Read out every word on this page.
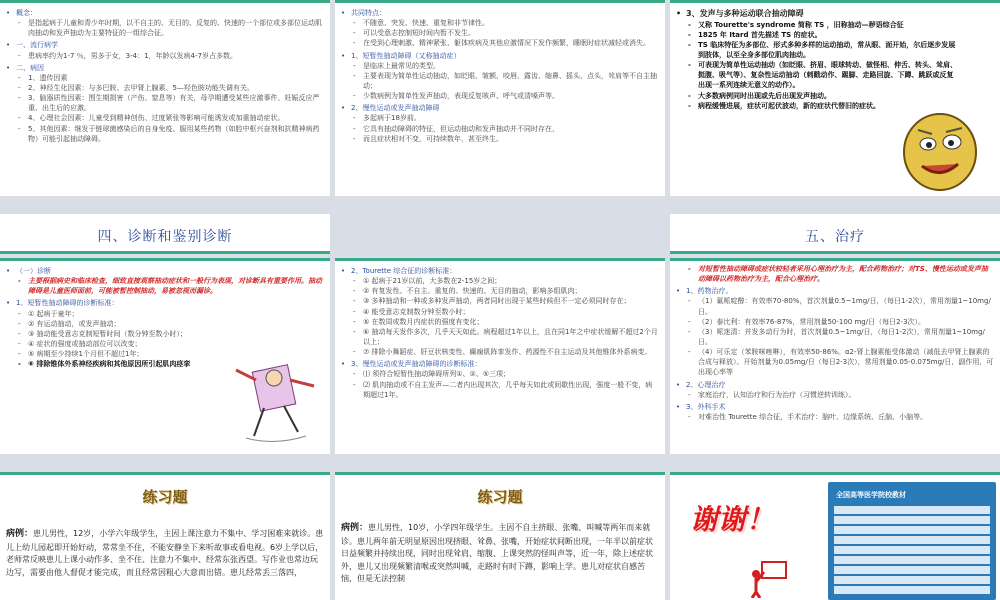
• 概念：
- 是指起病于儿童和青少年时期，以不自主的、无目的、反复的、快速的一个部位或多部位运动肌肉抽动和发声抽动为主要特征的一组综合征。
• 一、流行病学
- 患病率约为1-7 ％，男多于女，3-4：1，年龄以发病4-7岁占多数。
• 二、病因
- 1、遗传因素
- 2、神经生化因素：与多巴胺、去甲肾上腺素、5—羟色胺功能失调有关。
- 3、脑器质性因素：围生期损害（产伤、窒息等）有关，母孕期遭受某些应激事件、妊娠反应严重、出生后的应激。
- 4、心理社会因素：儿童受到精神创伤、过度紧张等影响可能诱发或加重抽动症状。
- 5、其他因素：继发于链球菌感染后的自身免疫、服用某些药物（如腔中枢兴奋剂和抗精神病药物）可能引起抽动障碍。
• 共同特点：
- 不随意、突发、快速、重复和非节律性。
- 可以受意志控制短时间内暂不发生。
- 在受到心理刺激、精神紧张、躯体疾病及其他应激情况下发作频繁，睡眠时症状减轻或消失。
• 1、短暂性抽动障碍（又称抽动症）
- 是临床上最常见的类型。
- 主要表现为简单性运动抽动，如眨眼、皱额、咬唇、露齿、缩鼻、摇头、点头，耸肩等不自主抽动；
- 少数病例为简单性发声抽动，表现反复咳声、呼气或清嗓声等。
• 2、慢性运动或发声抽动障碍
- 多起病于18岁前。
- 它具有抽动障碍的特征，但运动抽动和发声抽动并不同时存在，
- 而且症状相对不变，可持续数年，甚至终生。
• 3、发声与多种运动联合抽动障碍
- 又称 Tourette's syndrome 简称 TS ，旧称抽动—秽语综合征
- 1825 年 Itard 首先描述 TS 的症状。
- TS 临床特征为多部位、形式多种多样的运动抽动，常从眼、面开始，尔后逐步发展到肢体，以至全身多部位肌肉抽动。
- 可表现为简单性运动抽动（如眨眼、挤眉、眼球转动、做怪相、伸舌、转头、耸肩、挺腹、吸气等）、复杂性运动抽动（刺戳动作、踢脚、走路回旋、下蹲、跳跃或反复出现一系列连续无意义的动作）。
- 大多数病例同时出现或先后出现发声抽动。
- 病程缓慢进展，症状可起伏波动，新的症状代替旧的症状。
四、诊断和鉴别诊断	五、治疗
• （一）诊断
- 主要根据病史和临床检查，细致直接观察抽动症状和一般行为表现，对诊断具有重要作用。抽动障碍是儿童医师面前，可能被暂控制抽动，易被忽视而漏诊。
• 1、短暂性抽动障碍的诊断标准：
- ① 起病于童年；
- ② 有运动抽动，或发声抽动；
- ③ 抽动能受意志克制短暂时间（数分钟至数小时）；
- ④ 症状的强度或抽动部位可以改变；
- ⑤ 病期至少持续1个月但不超过1年；
- ⑥ 排除锥体外系神经疾病和其他原因所引起肌肉痉挛
• 2、Tourette 综合征的诊断标准：
- ① 起病于21岁以前，大多数在2-15岁之间；
- ② 有复发性、不自主、重复的、快速的、无目的抽动，影响多组肌肉；
- ③ 多种抽动和一种或多种发声抽动，两者同时出现于某些时候但不一定必须同时存在；
- ④ 能受意志克制数分钟至数小时；
- ⑤ 在数周或数月内症状的强度有变化；
- ⑥ 抽动每天发作多次，几乎天天如此。病程超过1年以上，且在同1年之中症状缓解不超过2个月以上；
- ⑦ 排除小舞蹈症、肝豆状核变性、癫痫肌阵挛发作、药源性不自主运动及其他锥体外系病变。
• 3、慢性运动或发声抽动障碍的诊断标准：
- ⑴ 须符合短暂性抽动障碍所列①、②、⑤三项；
- ⑵ 肌肉抽动或不自主发声—二者内出现其次，几乎每天如此或间歇性出现，强度一般不变，病期超过1年。
- 对短暂性抽动障碍或症状较轻者采用心理治疗为主，配合药物治疗；对TS、慢性运动或发声抽动障碍以药物治疗为主，配合心理治疗。
• 1、药物治疗。
- （1）氟哌啶醇：有效率70-80%，首次剂量0.5~1mg/日，（每日1-2次），常用剂量1~10mg/日。
- （2）泰比利：有效率76-87%，常用剂量50-100 mg/日（每日2-3次）。
- （3）哌迷清：并发多动行为时，首次剂量0.5~1mg/日，（每日1-2次），常用剂量1~10mg/日。
- （4）可乐定（苯胺咪唑啉），有效率50-86%。α2-肾上腺素能受体激动（减低去甲肾上腺素的合成与释放）。开始剂量为0.05mg/日（每日2-3次），常用剂量0.05-0.075mg/日，副作用，可出现心率等
• 2、心理治疗
- 家庭治疗，认知治疗和行为治疗（习惯逆转训练）。
• 3、外科手术
- 对难治性 Tourette 综合征，手术治疗：脑叶、边缘系统、丘脑、小脑等。
练习题
病例：患儿男性，12岁，小学六年级学生，主因上课注意力不集中、学习困难来就诊。患儿上幼儿园起即开始好动，常常坐不住，不能安静坐下来听故事或看电视。6岁上学以后，老师常反映患儿上课小动作多、坐不住、注意力不集中、经常东张西望。写作业也常边玩边写，需要由他人督促才能完成，而且经常因粗心大意而出错。患儿经常丢三落四，
练习题
病例：患儿男性，10岁，小学四年级学生。主因不自主挤眼、张嘴、叫喊等两年而来就诊。患儿两年前无明显原因出现挤眼、耸鼻、张嘴，开始症状间断出现，一年半以前症状日益频繁并持续出现，同时出现耸肩、缩腹、上课突然的怪叫声等，近一年，除上述症状外，患儿又出现频繁清喉或突然叫喊，走路时有时下蹲，影响上学。患儿对症状自感苦恼，但是无法控制
谢谢！
全国高等医学院校教材
